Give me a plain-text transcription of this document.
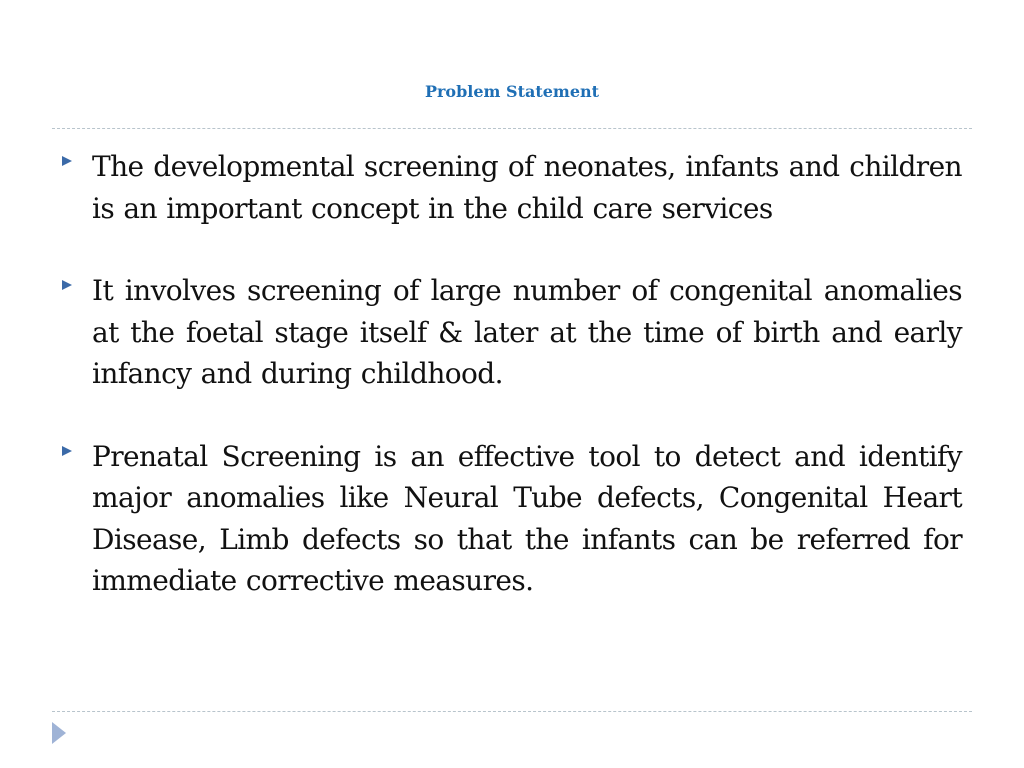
Problem Statement
The developmental screening of neonates, infants and children is an important concept in the child care services
It involves screening of large number of congenital anomalies at the foetal stage itself & later at the time of birth and early infancy and during childhood.
Prenatal Screening is an effective tool to detect and identify major anomalies like Neural Tube defects, Congenital Heart Disease, Limb defects so that the infants can be referred for immediate corrective measures.
